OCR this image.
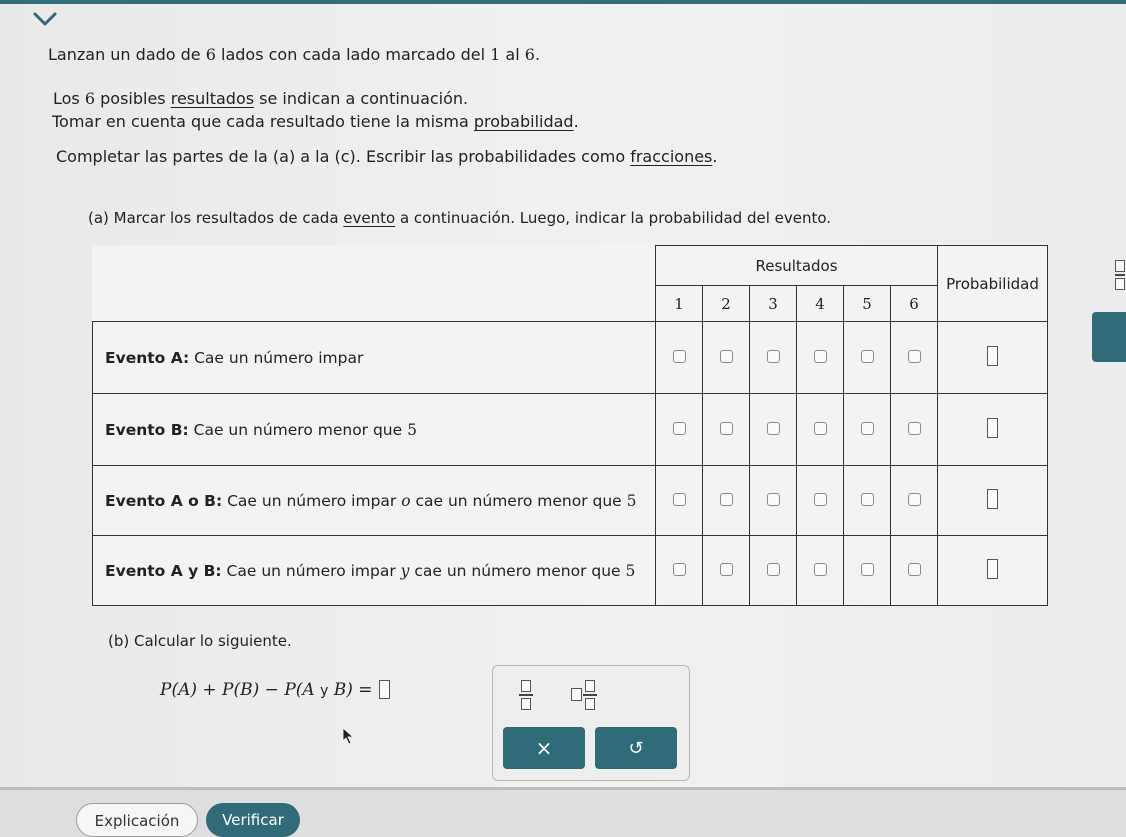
Lanzan un dado de 6 lados con cada lado marcado del 1 al 6.
Los 6 posibles resultados se indican a continuación.
Tomar en cuenta que cada resultado tiene la misma probabilidad.
Completar las partes de la (a) a la (c). Escribir las probabilidades como fracciones.
(a) Marcar los resultados de cada evento a continuación. Luego, indicar la probabilidad del evento.
	Resultados						Probabilidad
	1	2	3	4	5	6	
Evento A: Cae un número impar							
Evento B: Cae un número menor que 5							
Evento A o B: Cae un número impar o cae un número menor que 5							
Evento A y B: Cae un número impar y cae un número menor que 5							
(b) Calcular lo siguiente.
P(A) + P(B) − P(A y B) =
×	↺
Explicación	Verificar
